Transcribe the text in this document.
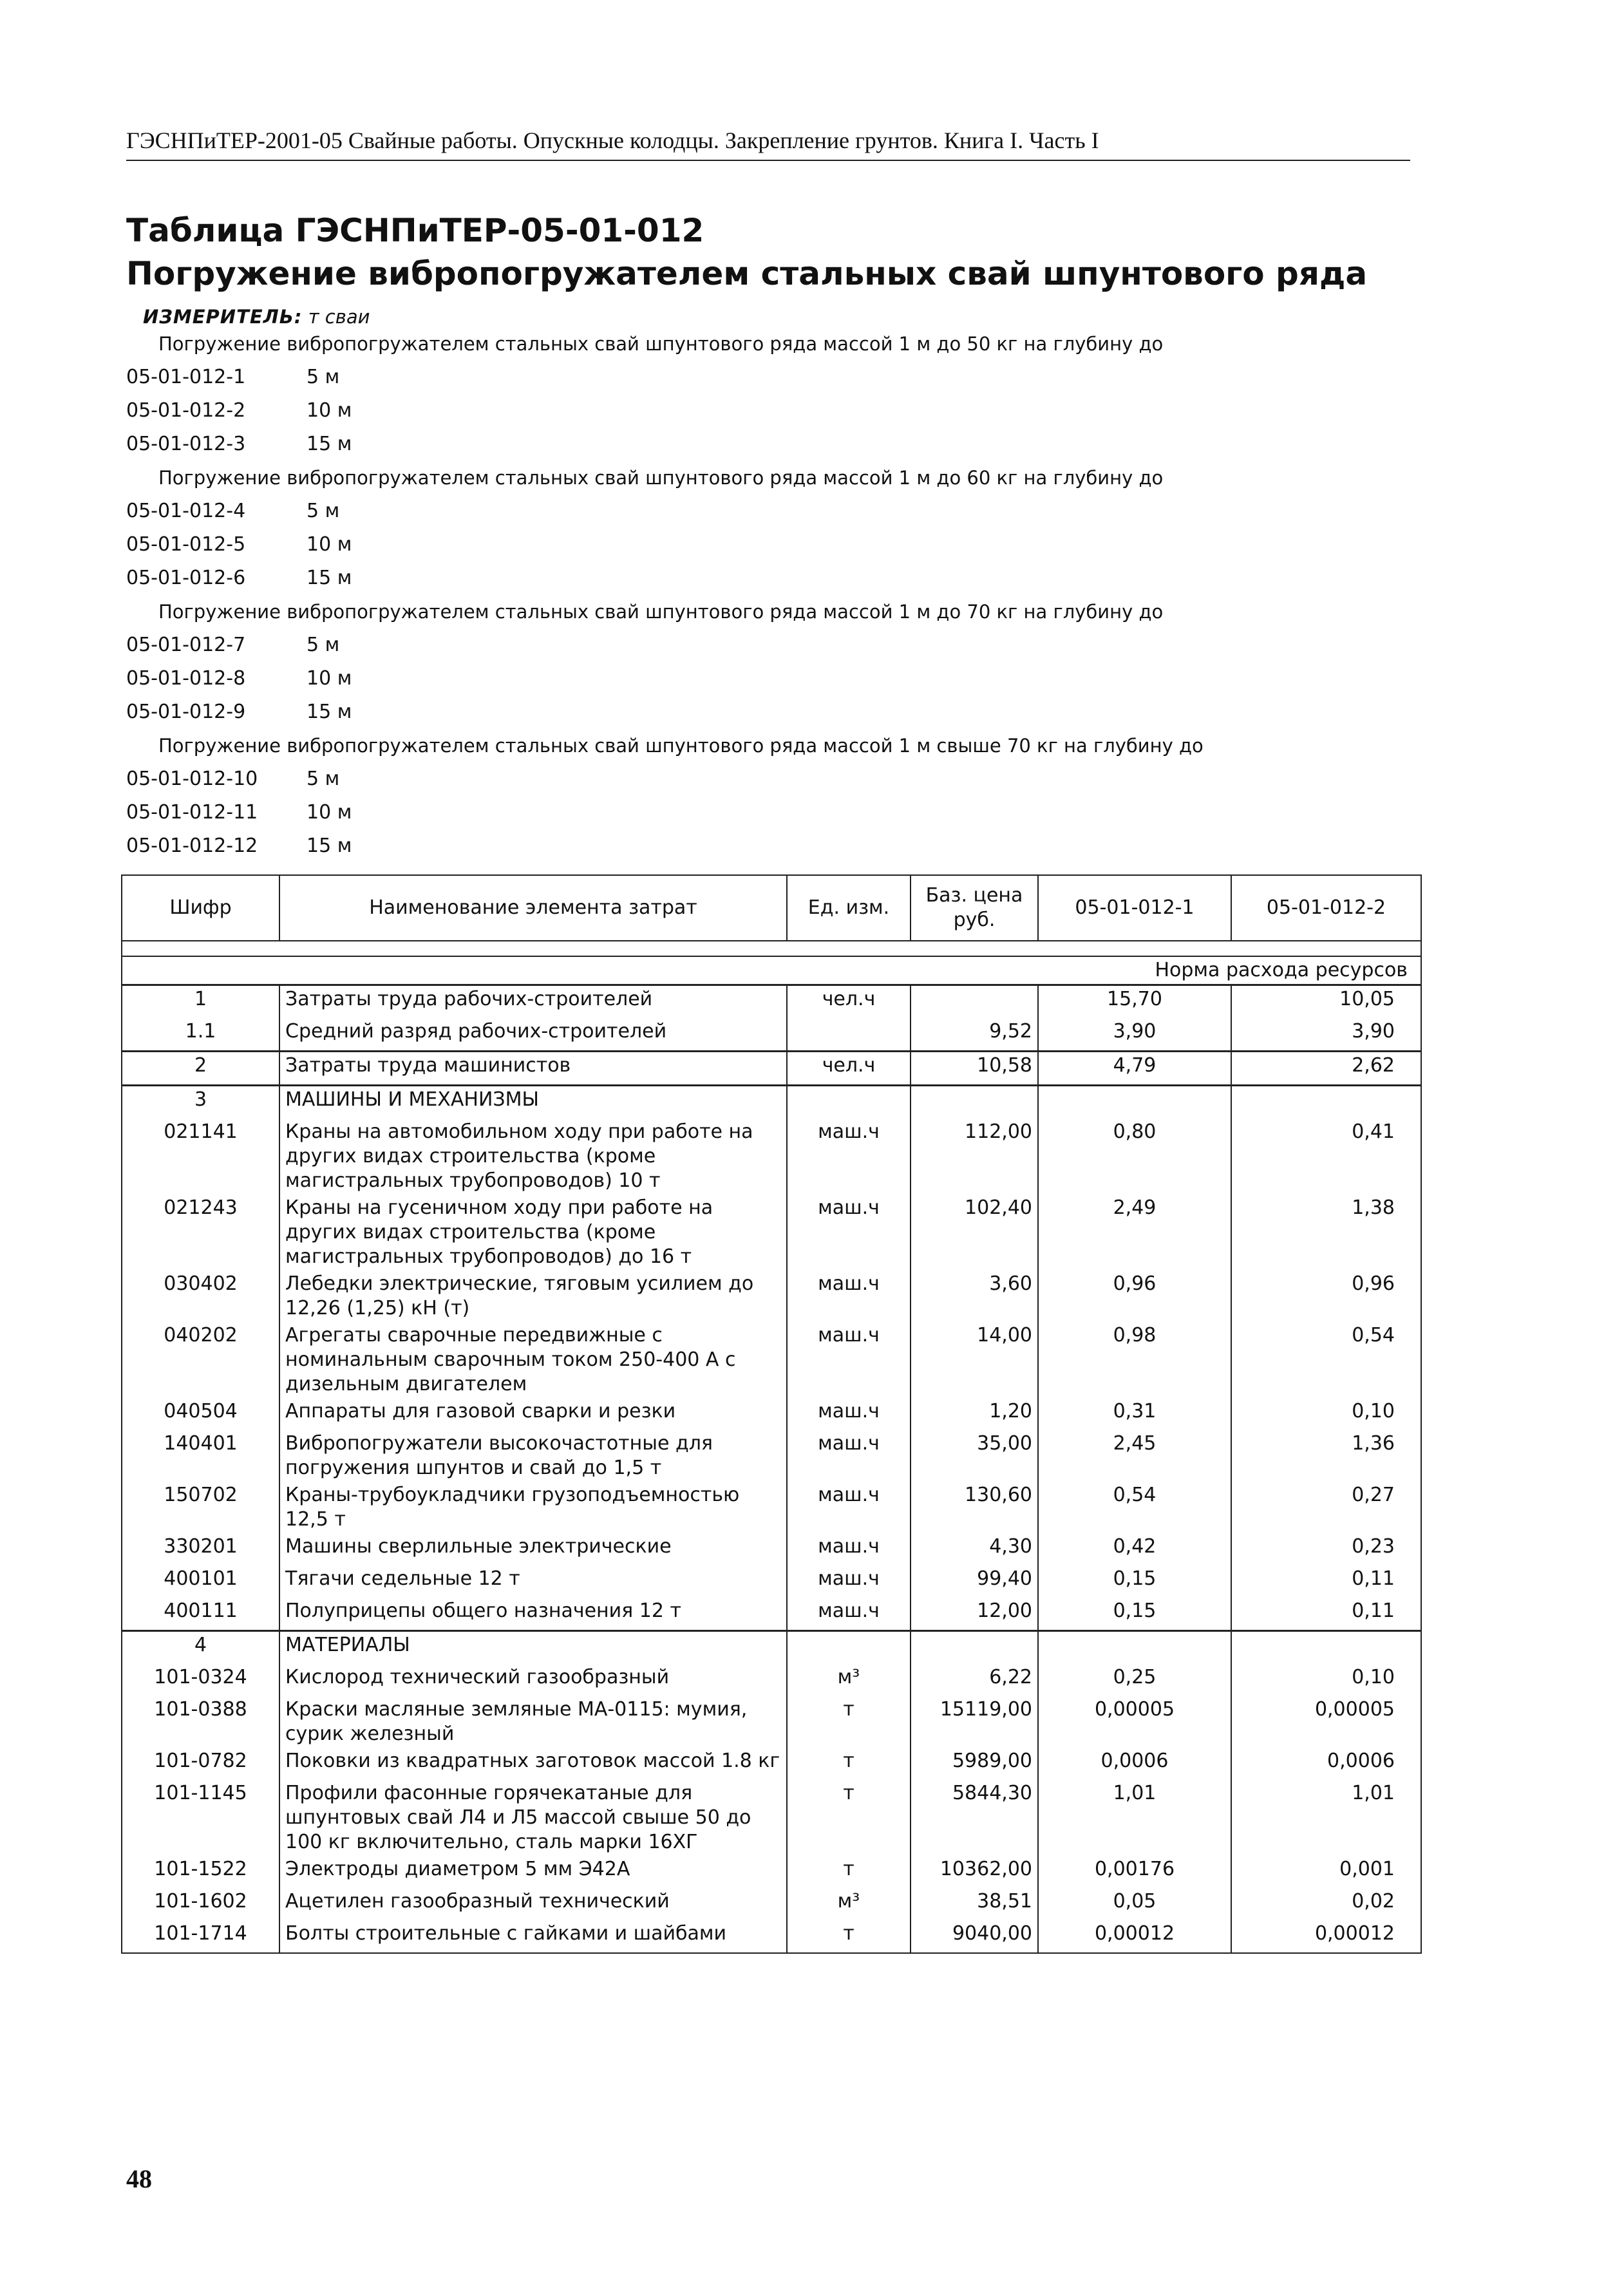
ГЭСНПиТЕР-2001-05 Свайные работы. Опускные колодцы. Закрепление грунтов. Книга I. Часть I
Таблица ГЭСНПиТЕР-05-01-012
Погружение вибропогружателем стальных свай шпунтового ряда
ИЗМЕРИТЕЛЬ: т сваи
Погружение вибропогружателем стальных свай шпунтового ряда массой 1 м до 50 кг на глубину до
05-01-012-1	5 м
05-01-012-2	10 м
05-01-012-3	15 м
Погружение вибропогружателем стальных свай шпунтового ряда массой 1 м до 60 кг на глубину до
05-01-012-4	5 м
05-01-012-5	10 м
05-01-012-6	15 м
Погружение вибропогружателем стальных свай шпунтового ряда массой 1 м до 70 кг на глубину до
05-01-012-7	5 м
05-01-012-8	10 м
05-01-012-9	15 м
Погружение вибропогружателем стальных свай шпунтового ряда массой 1 м свыше 70 кг на глубину до
05-01-012-10	5 м
05-01-012-11	10 м
05-01-012-12	15 м
Шифр	Наименование элемента затрат	Ед. изм.	Баз. цена руб.	05-01-012-1	05-01-012-2

Норма расхода ресурсов					
1	Затраты труда рабочих-строителей	чел.ч		15,70	10,05
1.1	Средний разряд рабочих-строителей		9,52	3,90	3,90
2	Затраты труда машинистов	чел.ч	10,58	4,79	2,62
3	МАШИНЫ И МЕХАНИЗМЫ				
021141	Краны на автомобильном ходу при работе на других видах строительства (кроме магистральных трубопроводов) 10 т	маш.ч	112,00	0,80	0,41
021243	Краны на гусеничном ходу при работе на других видах строительства (кроме магистральных трубопроводов) до 16 т	маш.ч	102,40	2,49	1,38
030402	Лебедки электрические, тяговым усилием до 12,26 (1,25) кН (т)	маш.ч	3,60	0,96	0,96
040202	Агрегаты сварочные передвижные с номинальным сварочным током 250-400 А с дизельным двигателем	маш.ч	14,00	0,98	0,54
040504	Аппараты для газовой сварки и резки	маш.ч	1,20	0,31	0,10
140401	Вибропогружатели высокочастотные для погружения шпунтов и свай до 1,5 т	маш.ч	35,00	2,45	1,36
150702	Краны-трубоукладчики грузоподъемностью 12,5 т	маш.ч	130,60	0,54	0,27
330201	Машины сверлильные электрические	маш.ч	4,30	0,42	0,23
400101	Тягачи седельные 12 т	маш.ч	99,40	0,15	0,11
400111	Полуприцепы общего назначения 12 т	маш.ч	12,00	0,15	0,11
4	МАТЕРИАЛЫ				
101-0324	Кислород технический газообразный	м³	6,22	0,25	0,10
101-0388	Краски масляные земляные МА-0115: мумия, сурик железный	т	15119,00	0,00005	0,00005
101-0782	Поковки из квадратных заготовок массой 1.8 кг	т	5989,00	0,0006	0,0006
101-1145	Профили фасонные горячекатаные для шпунтовых свай Л4 и Л5 массой свыше 50 до 100 кг включительно, сталь марки 16ХГ	т	5844,30	1,01	1,01
101-1522	Электроды диаметром 5 мм Э42А	т	10362,00	0,00176	0,001
101-1602	Ацетилен газообразный технический	м³	38,51	0,05	0,02
101-1714	Болты строительные с гайками и шайбами	т	9040,00	0,00012	0,00012
48
